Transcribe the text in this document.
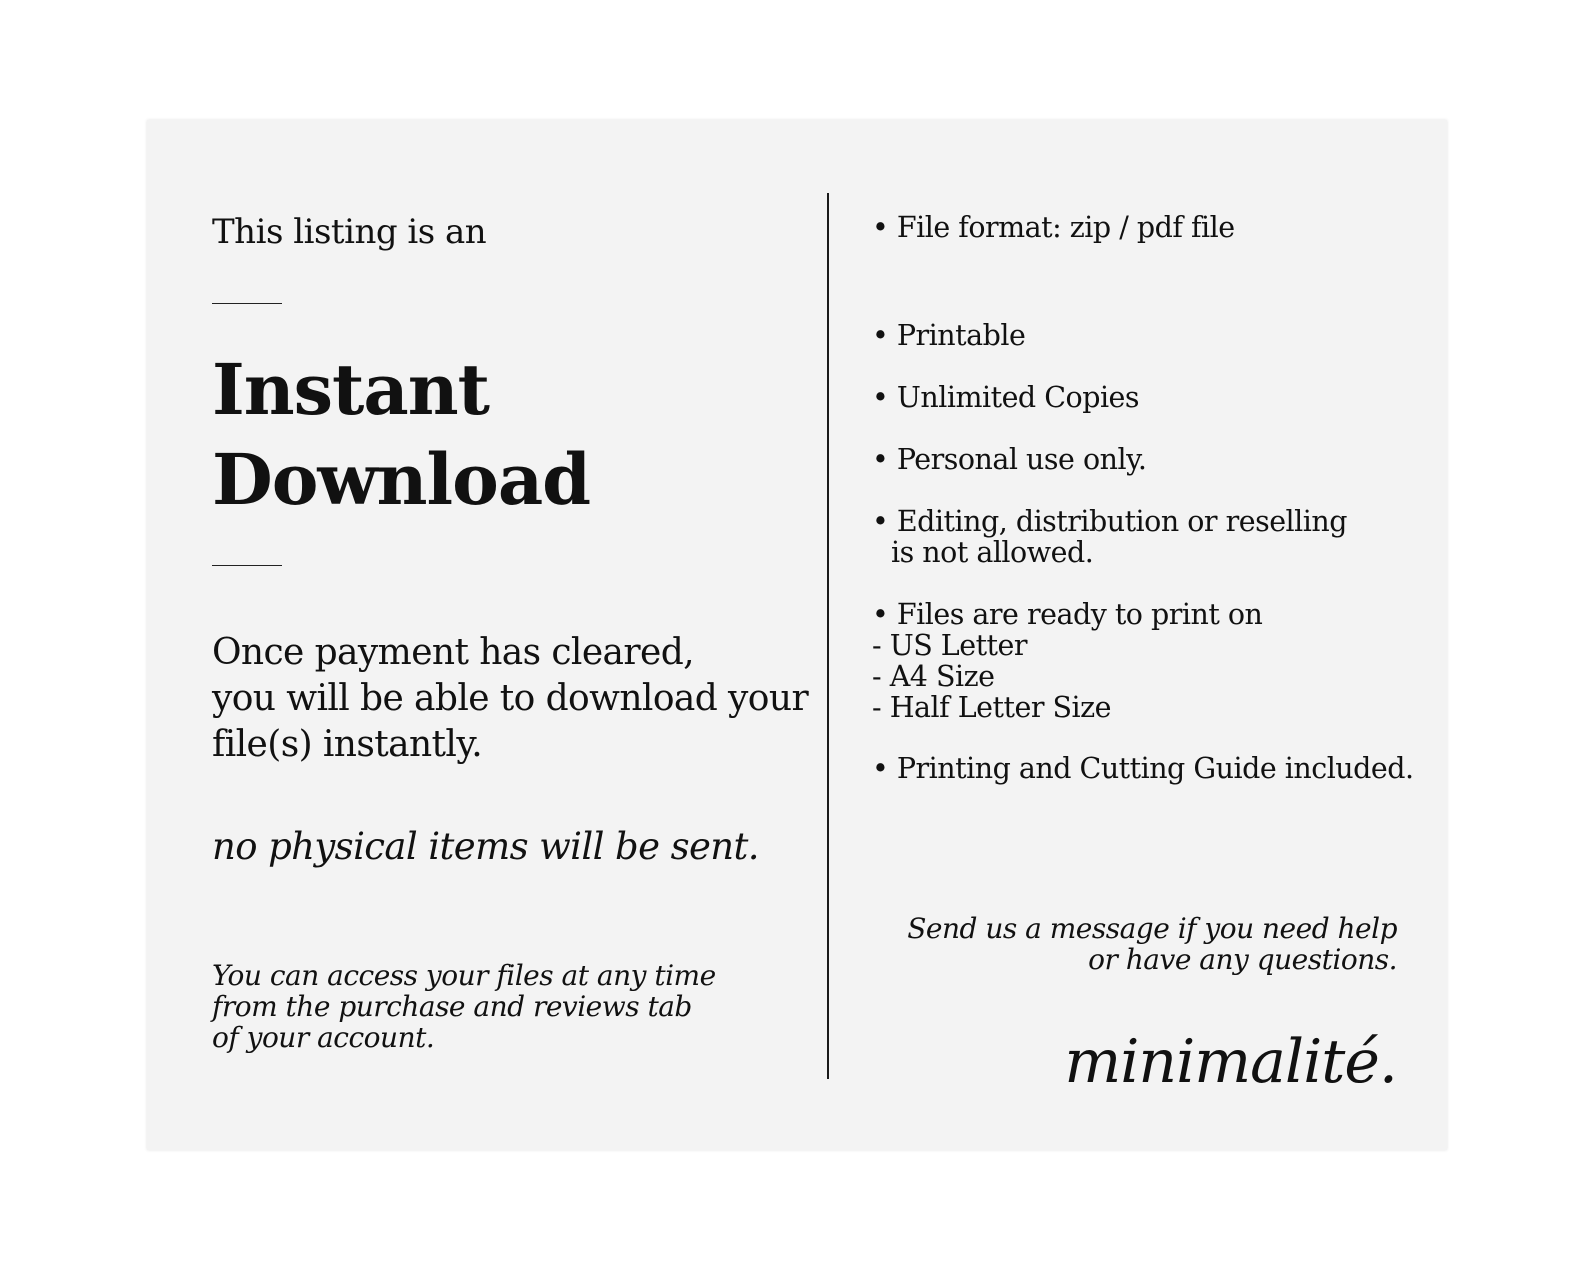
This listing is an

Instant
Download

Once payment has cleared,
you will be able to download your
file(s) instantly.

no physical items will be sent.

You can access your files at any time
from the purchase and reviews tab
of your account.

• File format: zip / pdf file

• Printable

• Unlimited Copies

• Personal use only.

• Editing, distribution or reselling
is not allowed.

• Files are ready to print on
- US Letter
- A4 Size
- Half Letter Size

• Printing and Cutting Guide included.

Send us a message if you need help
or have any questions.

minimalité.
